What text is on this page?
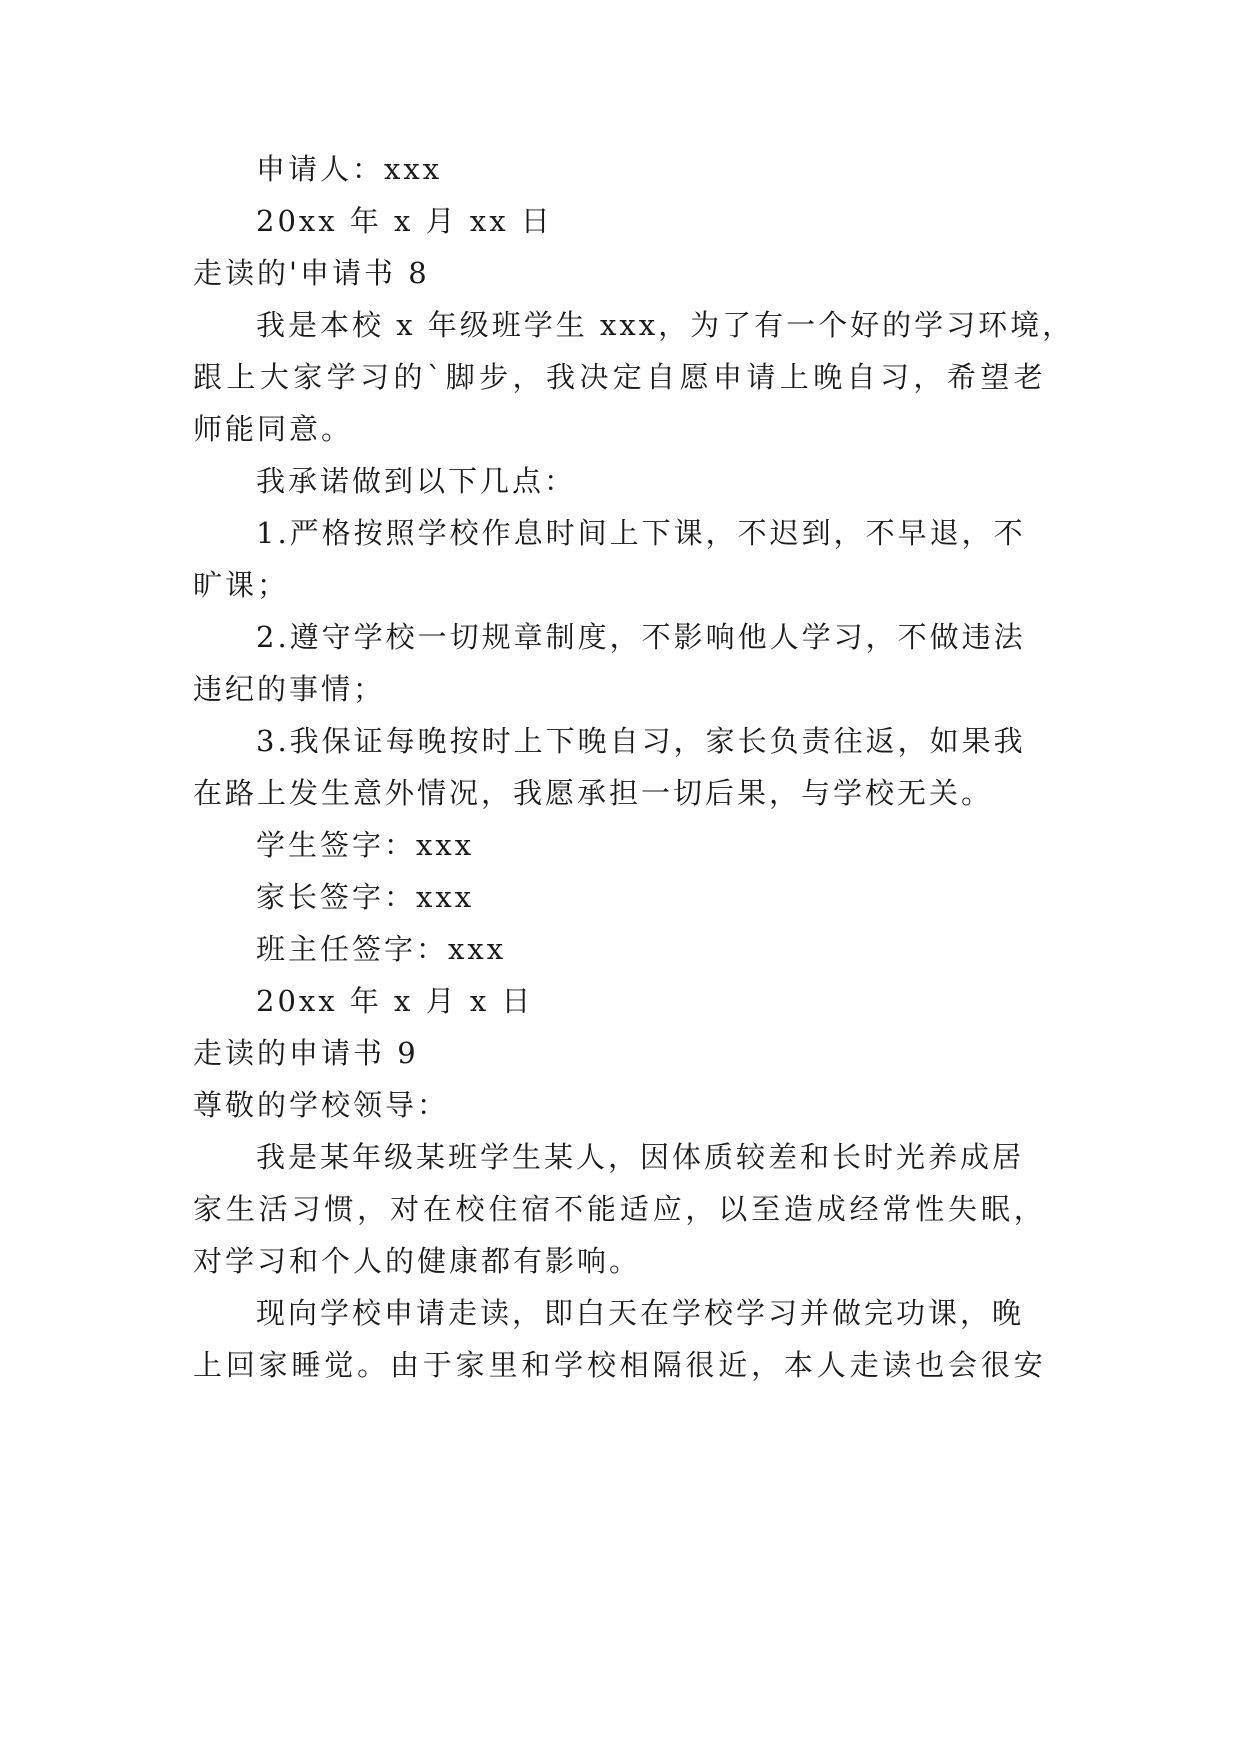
申请人：xxx
20xx 年 x 月 xx 日
走读的'申请书 8
我是本校 x 年级班学生 xxx，为了有一个好的学习环境，
跟 上 大 家 学 习 的 ` 脚 步 ， 我 决 定 自 愿 申 请 上 晚 自 习 ， 希 望 老
师能同意。
我承诺做到以下几点：
1.严格按照学校作息时间上下课，不迟到，不早退，不
旷课；
2.遵守学校一切规章制度，不影响他人学习，不做违法
违纪的事情；
3.我保证每晚按时上下晚自习，家长负责往返，如果我
在路上发生意外情况，我愿承担一切后果，与学校无关。
学生签字：xxx
家长签字：xxx
班主任签字：xxx
20xx 年 x 月 x 日
走读的申请书 9
尊敬的学校领导：
我是某年级某班学生某人，因体质较差和长时光养成居
家 生 活 习 惯 ， 对 在 校 住 宿 不 能 适 应 ， 以 至 造 成 经 常 性 失 眠 ，
对学习和个人的健康都有影响。
现向学校申请走读，即白天在学校学习并做完功课，晚
上 回 家 睡 觉 。 由 于 家 里 和 学 校 相 隔 很 近 ， 本 人 走 读 也 会 很 安
